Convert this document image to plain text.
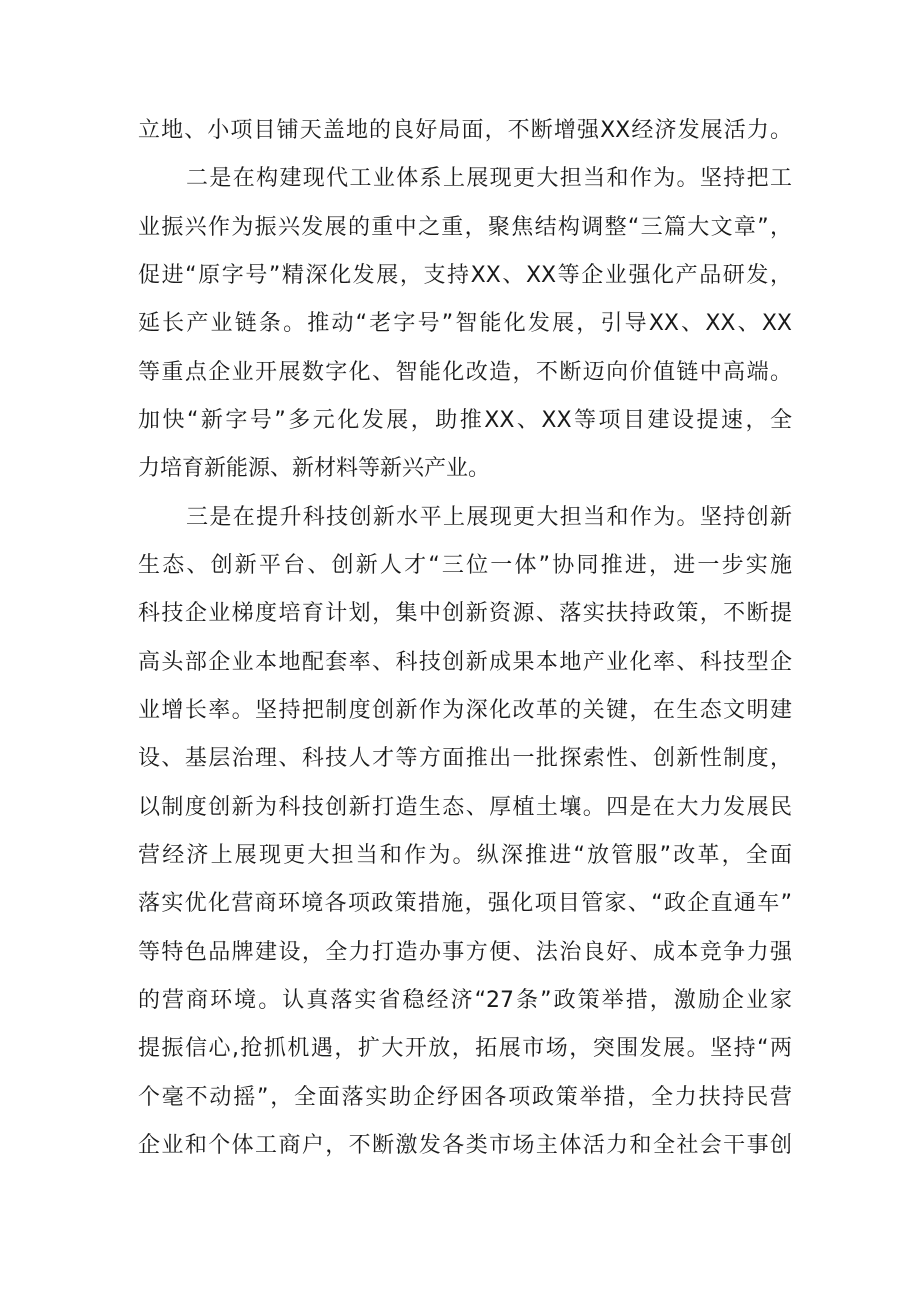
立地、小项目铺天盖地的良好局面，不断增强XX经济发展活力。
二是在构建现代工业体系上展现更大担当和作为。坚持把工
业振兴作为振兴发展的重中之重，聚焦结构调整“三篇大文章”，
促进“原字号”精深化发展，支持XX、XX等企业强化产品研发，
延长产业链条。推动“老字号”智能化发展，引导XX、XX、XX
等重点企业开展数字化、智能化改造，不断迈向价值链中高端。
加快“新字号”多元化发展，助推XX、XX等项目建设提速，全
力培育新能源、新材料等新兴产业。
三是在提升科技创新水平上展现更大担当和作为。坚持创新
生态、创新平台、创新人才“三位一体”协同推进，进一步实施
科技企业梯度培育计划，集中创新资源、落实扶持政策，不断提
高头部企业本地配套率、科技创新成果本地产业化率、科技型企
业增长率。坚持把制度创新作为深化改革的关键，在生态文明建
设、基层治理、科技人才等方面推出一批探索性、创新性制度，
以制度创新为科技创新打造生态、厚植土壤。四是在大力发展民
营经济上展现更大担当和作为。纵深推进“放管服”改革，全面
落实优化营商环境各项政策措施，强化项目管家、“政企直通车”
等特色品牌建设，全力打造办事方便、法治良好、成本竞争力强
的营商环境。认真落实省稳经济“27条”政策举措，激励企业家
提振信心,抢抓机遇，扩大开放，拓展市场，突围发展。坚持“两
个毫不动摇”，全面落实助企纾困各项政策举措，全力扶持民营
企业和个体工商户，不断激发各类市场主体活力和全社会干事创
